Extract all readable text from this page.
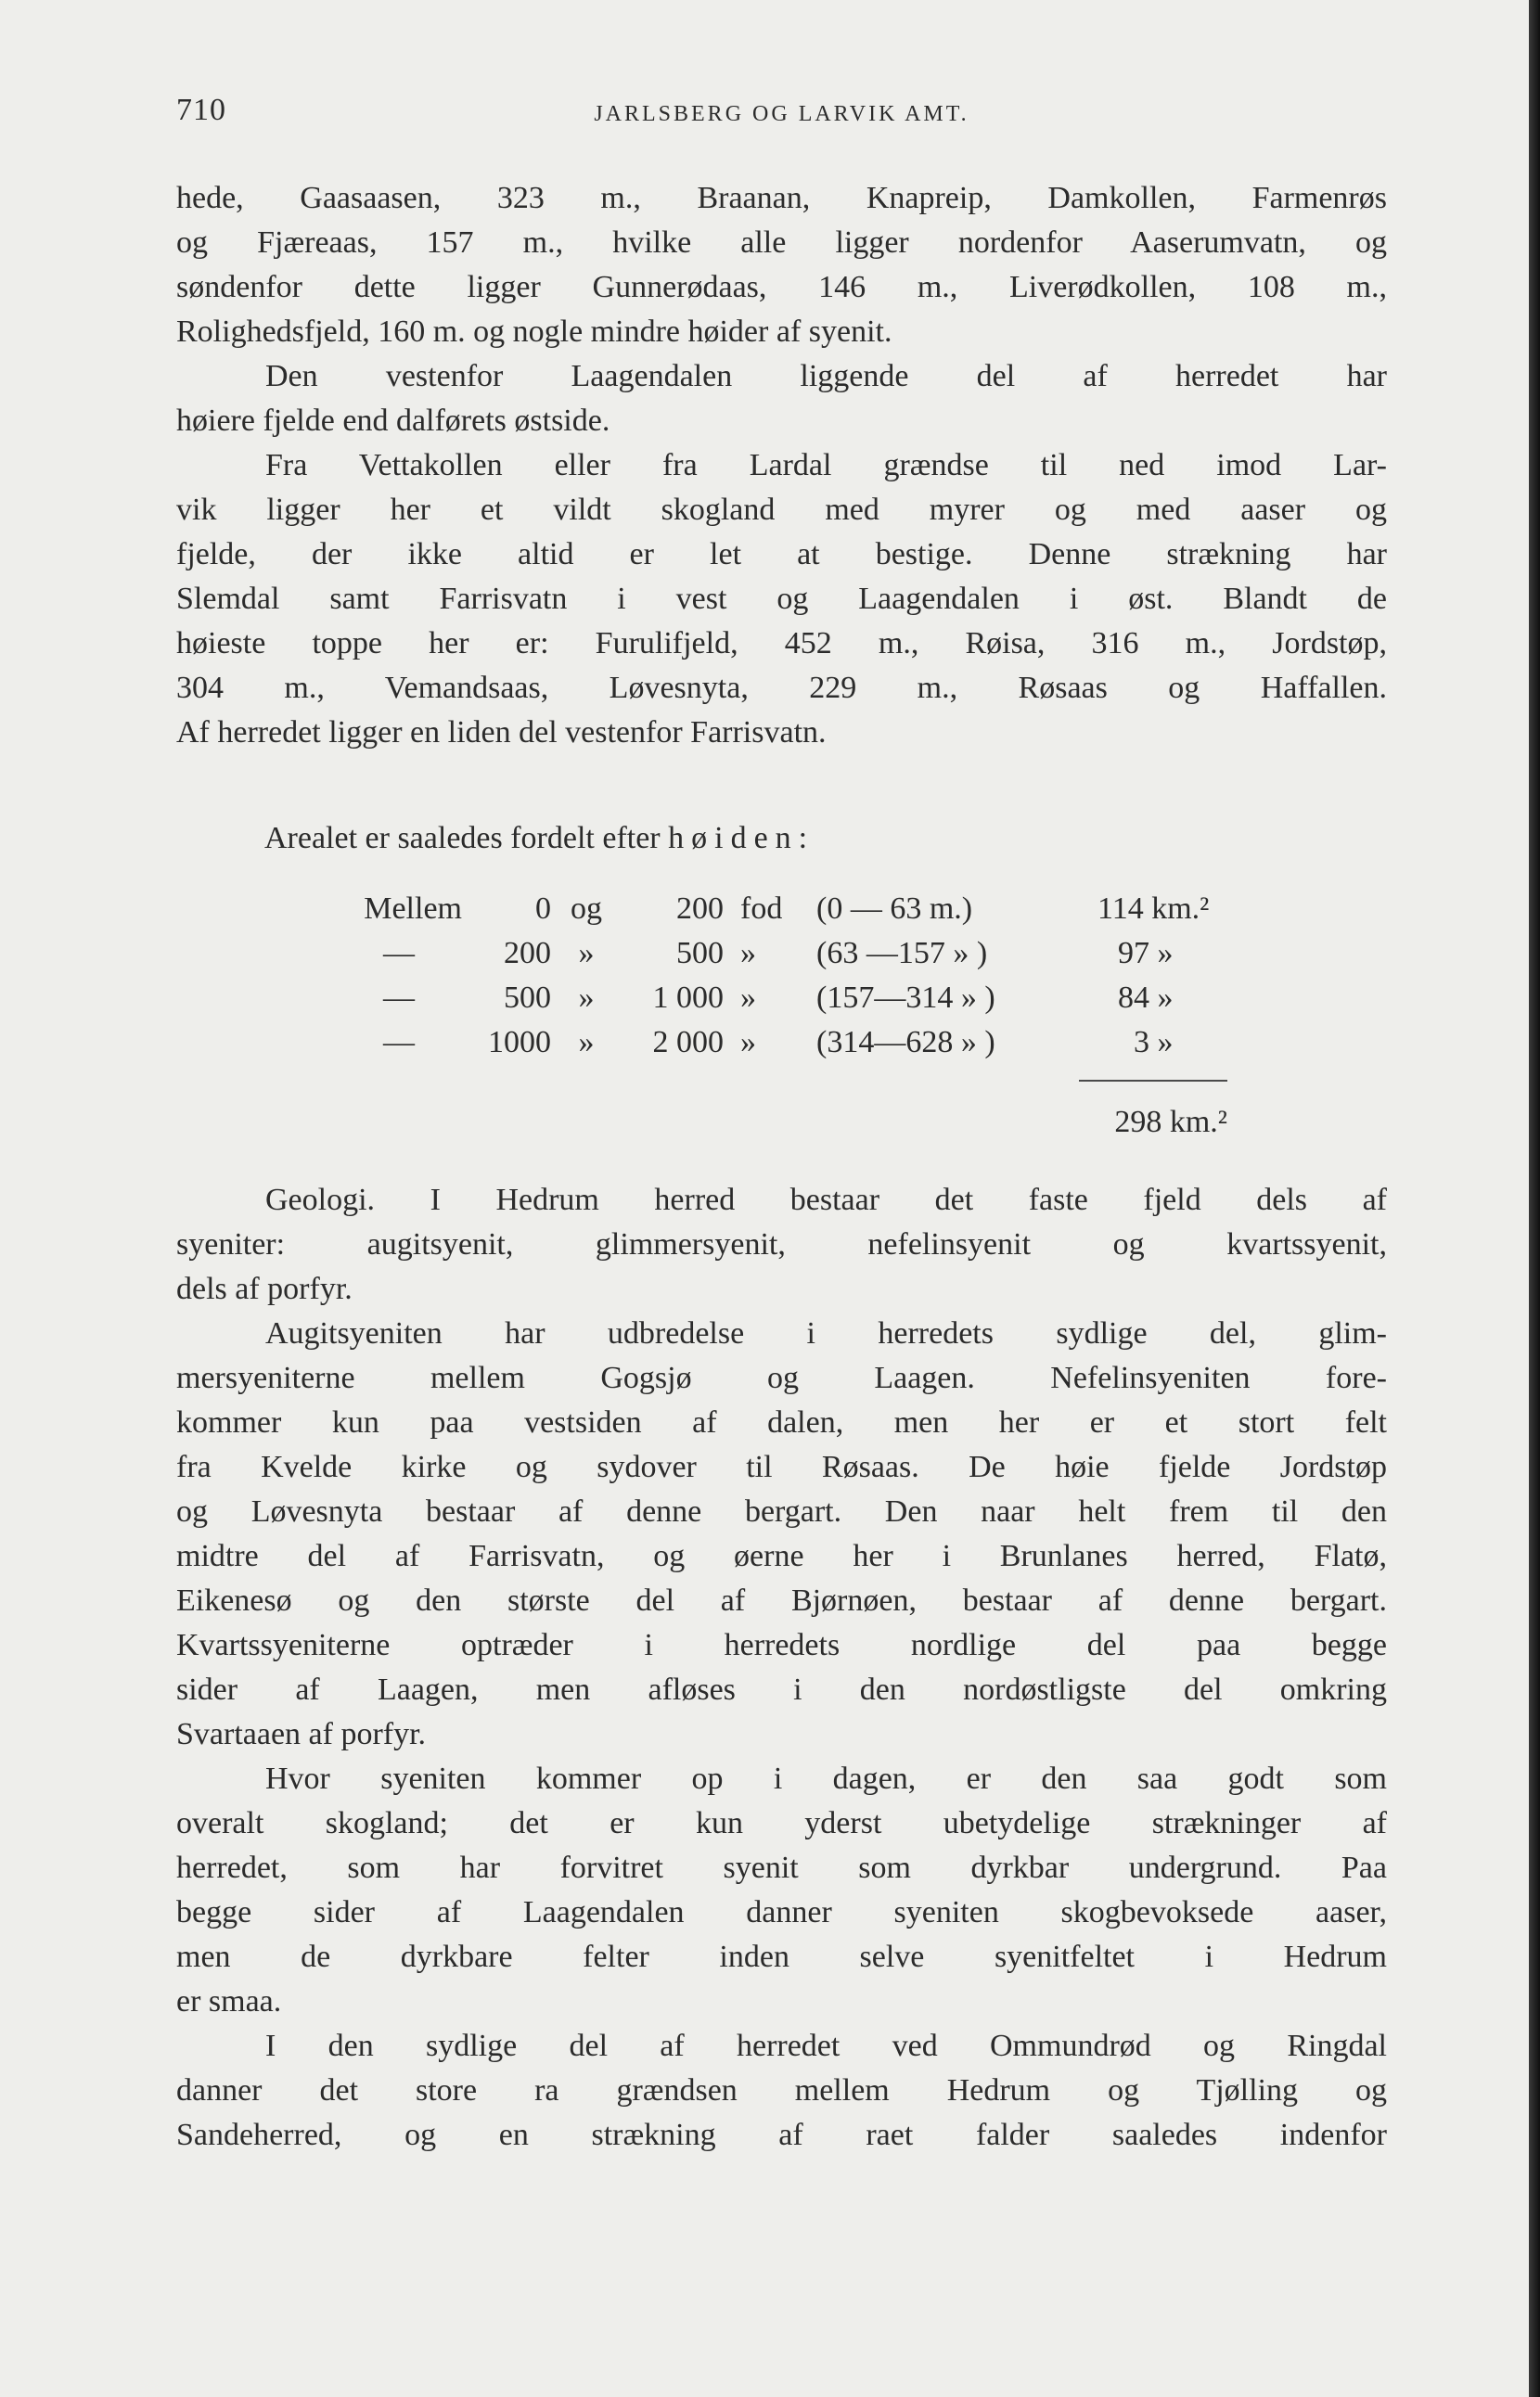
710	JARLSBERG OG LARVIK AMT.
hede, Gaasaasen, 323 m., Braanan, Knapreip, Damkollen, Farmenrøs
og Fjæreaas, 157 m., hvilke alle ligger nordenfor Aaserumvatn, og
søndenfor dette ligger Gunnerødaas, 146 m., Liverødkollen, 108 m.,
Rolighedsfjeld, 160 m. og nogle mindre høider af syenit.
Den vestenfor Laagendalen liggende del af herredet har
høiere fjelde end dalførets østside.
Fra Vettakollen eller fra Lardal grændse til ned imod Lar-
vik ligger her et vildt skogland med myrer og med aaser og
fjelde, der ikke altid er let at bestige. Denne strækning har
Slemdal samt Farrisvatn i vest og Laagendalen i øst. Blandt de
høieste toppe her er: Furulifjeld, 452 m., Røisa, 316 m., Jordstøp,
304 m., Vemandsaas, Løvesnyta, 229 m., Røsaas og Haffallen.
Af herredet ligger en liden del vestenfor Farrisvatn.
Arealet er saaledes fordelt efter høiden:
Mellem	0 og	200 fod	(0 — 63 m.)	114 km.²
—	200 »	500 »	(63 —157 » )	97 »
—	500 »	1 000 »	(157—314 » )	84 »
—	1000 »	2 000 »	(314—628 » )	3 »
298 km.²
Geologi. I Hedrum herred bestaar det faste fjeld dels af
syeniter: augitsyenit, glimmersyenit, nefelinsyenit og kvartssyenit,
dels af porfyr.
Augitsyeniten har udbredelse i herredets sydlige del, glim-
mersyeniterne mellem Gogsjø og Laagen. Nefelinsyeniten fore-
kommer kun paa vestsiden af dalen, men her er et stort felt
fra Kvelde kirke og sydover til Røsaas. De høie fjelde Jordstøp
og Løvesnyta bestaar af denne bergart. Den naar helt frem til den
midtre del af Farrisvatn, og øerne her i Brunlanes herred, Flatø,
Eikenesø og den største del af Bjørnøen, bestaar af denne bergart.
Kvartssyeniterne optræder i herredets nordlige del paa begge
sider af Laagen, men afløses i den nordøstligste del omkring
Svartaaen af porfyr.
Hvor syeniten kommer op i dagen, er den saa godt som
overalt skogland; det er kun yderst ubetydelige strækninger af
herredet, som har forvitret syenit som dyrkbar undergrund. Paa
begge sider af Laagendalen danner syeniten skogbevoksede aaser,
men de dyrkbare felter inden selve syenitfeltet i Hedrum
er smaa.
I den sydlige del af herredet ved Ommundrød og Ringdal
danner det store ra grændsen mellem Hedrum og Tjølling og
Sandeherred, og en strækning af raet falder saaledes indenfor
